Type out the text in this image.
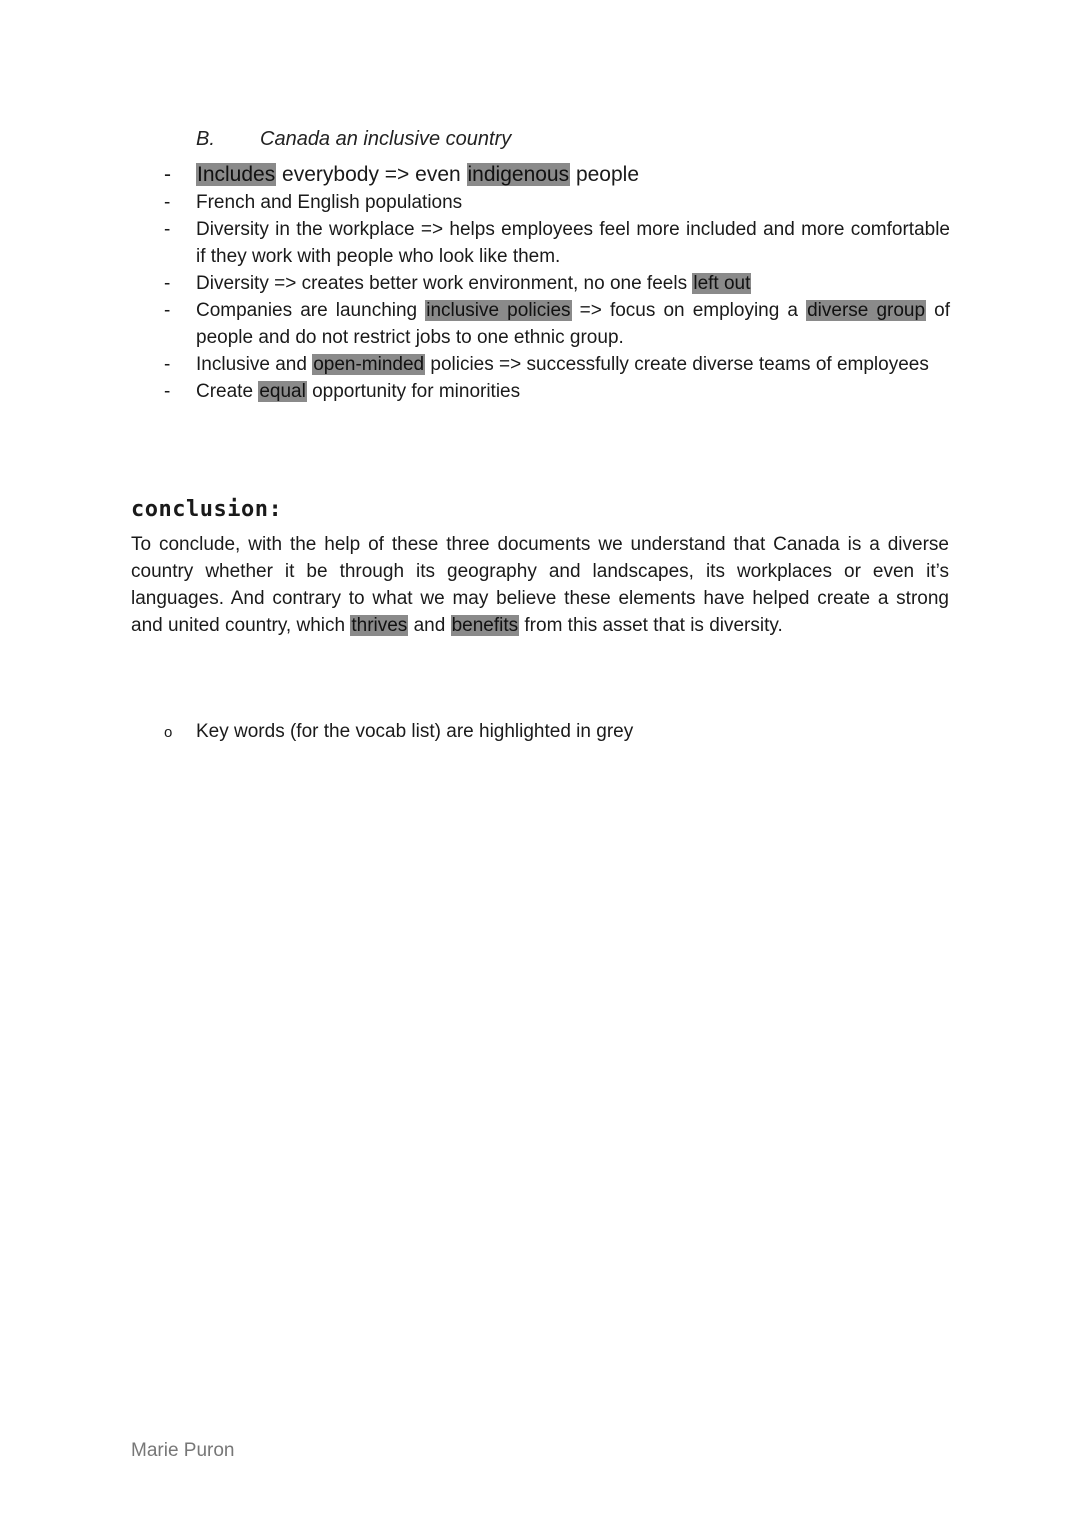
B. Canada an inclusive country
- Includes everybody => even indigenous people
- French and English populations
- Diversity in the workplace => helps employees feel more included and more comfortable if they work with people who look like them.
- Diversity => creates better work environment, no one feels left out
- Companies are launching inclusive policies => focus on employing a diverse group of people and do not restrict jobs to one ethnic group.
- Inclusive and open-minded policies => successfully create diverse teams of employees
- Create equal opportunity for minorities
conclusion:
To conclude, with the help of these three documents we understand that Canada is a diverse country whether it be through its geography and landscapes, its workplaces or even it’s languages. And contrary to what we may believe these elements have helped create a strong and united country, which thrives and benefits from this asset that is diversity.
o Key words (for the vocab list) are highlighted in grey
Marie Puron
